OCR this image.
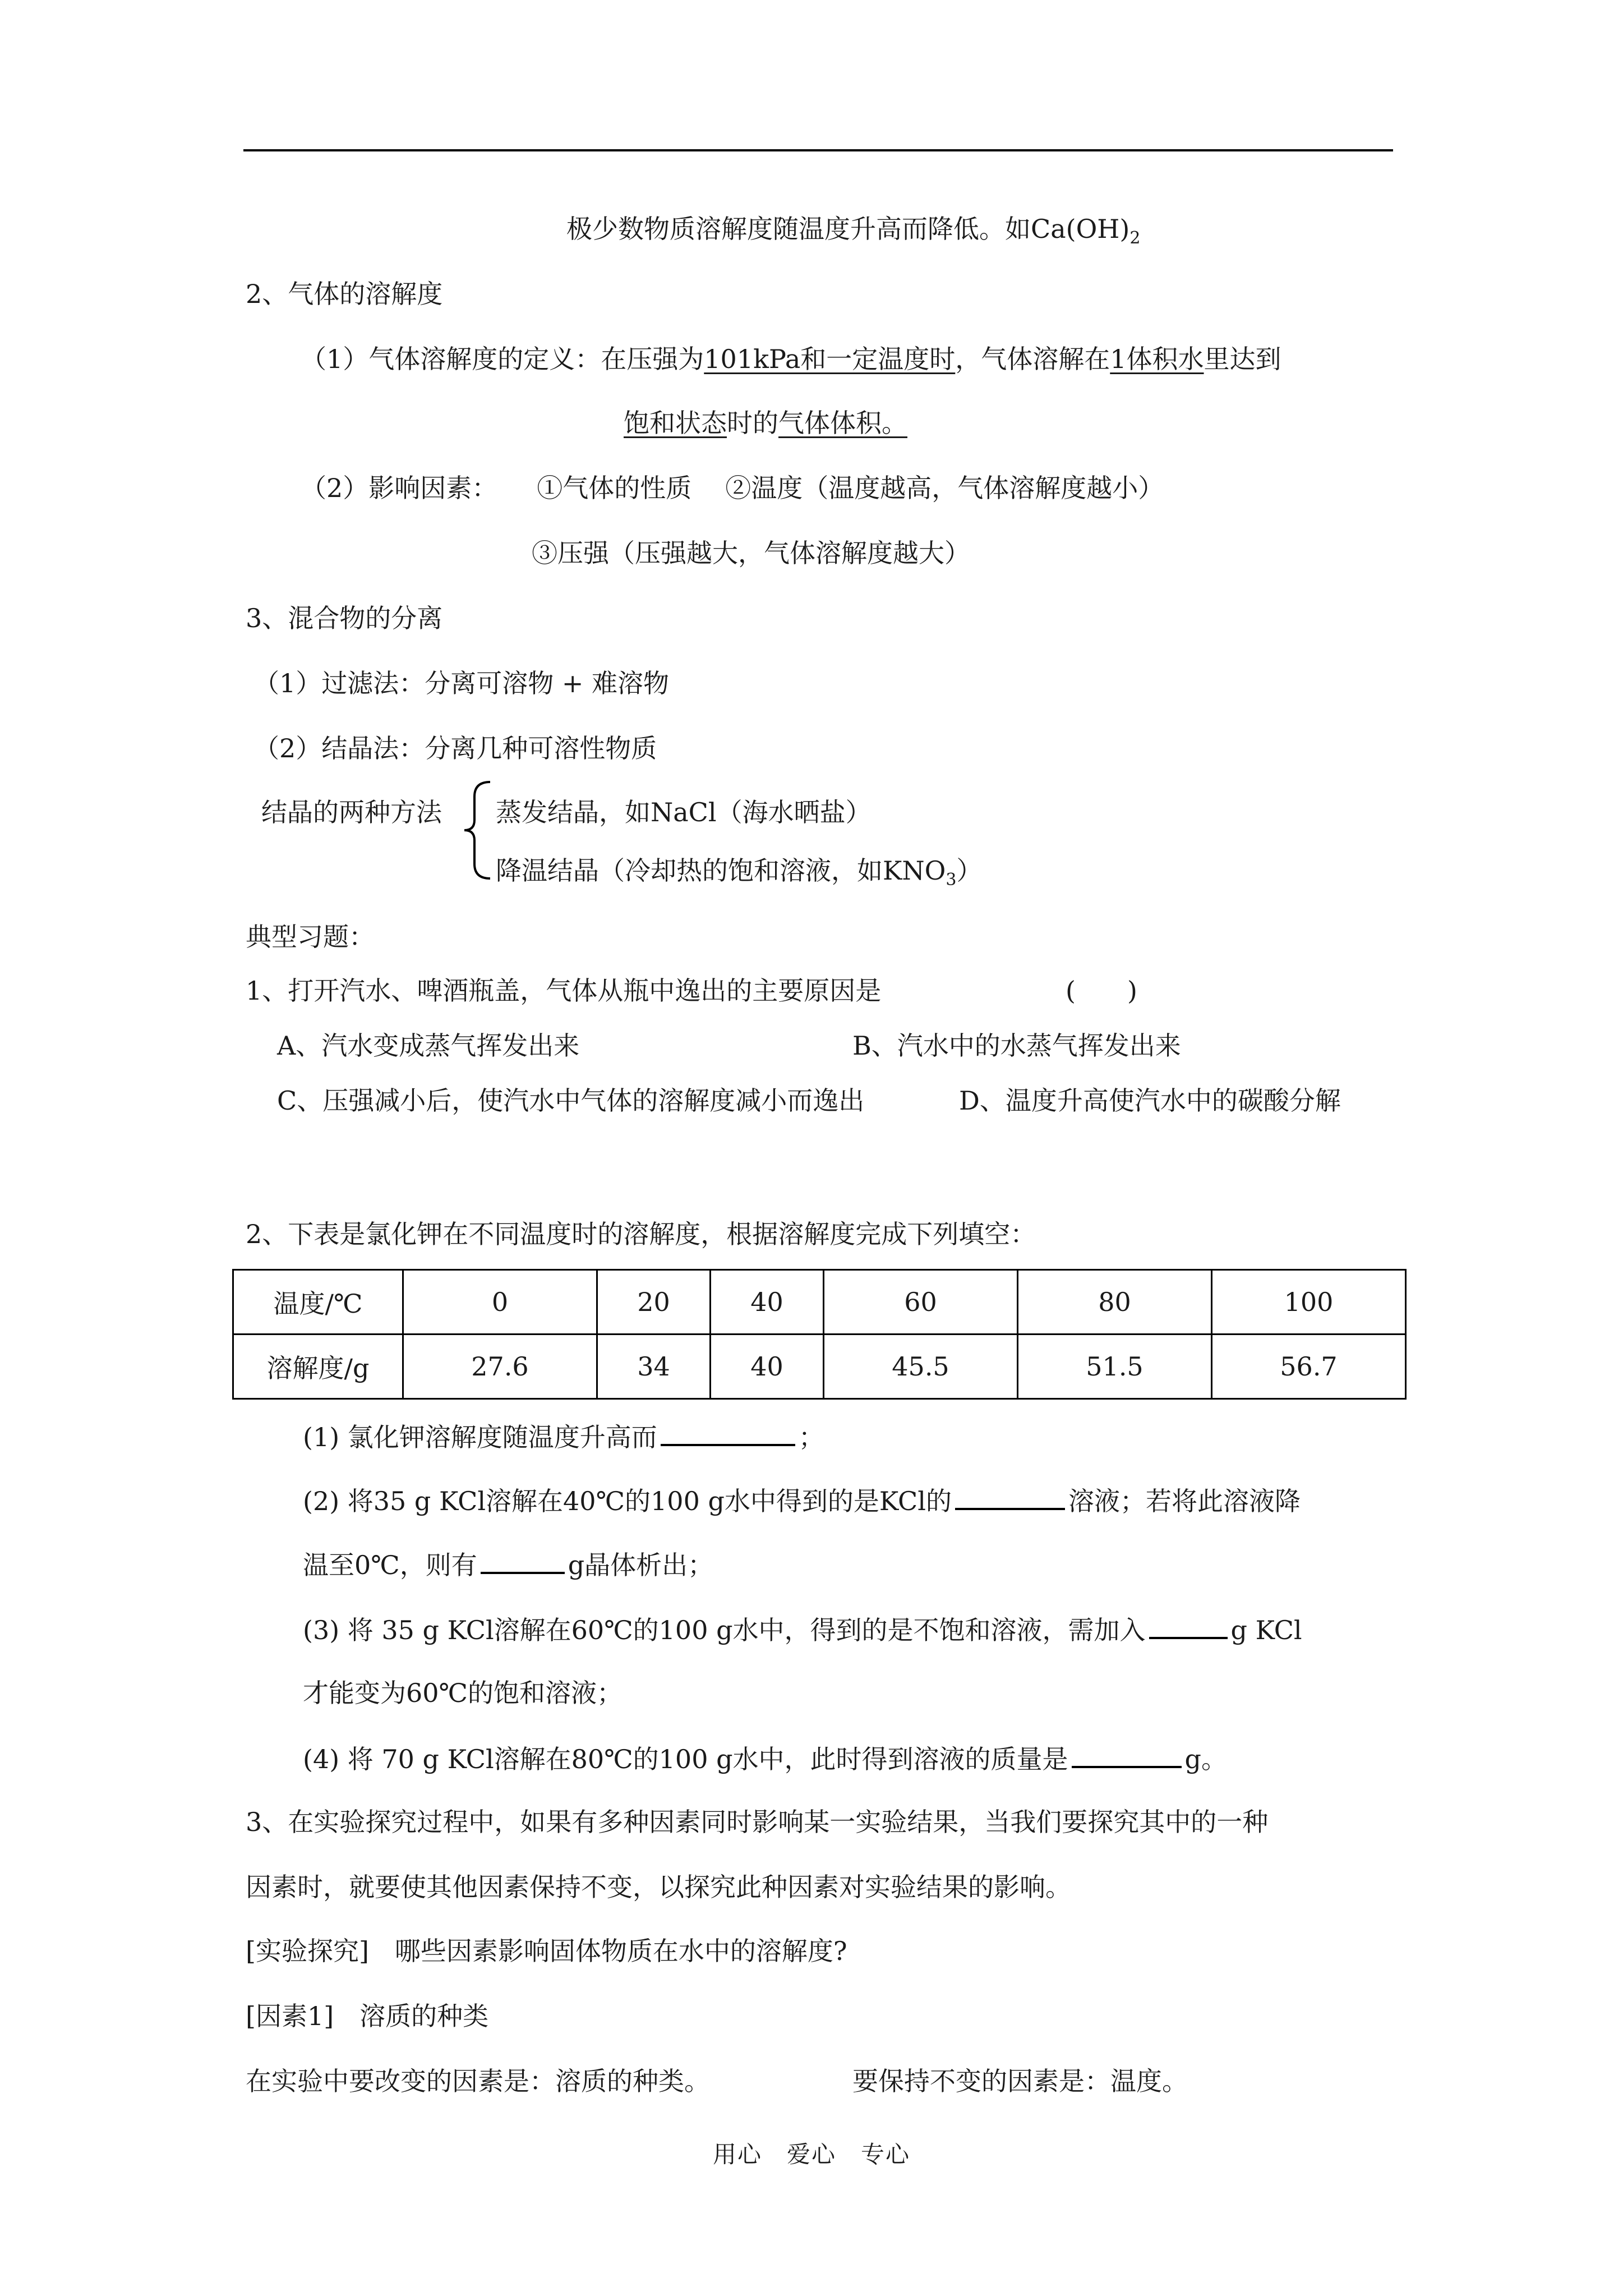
极少数物质溶解度随温度升高而降低。如$Ca(OH)_2$
2、气体的溶解度
（1）气体溶解度的定义：在压强为101kPa和一定温度时，气体溶解在1体积水里达到
饱和状态时的气体体积。
（2）影响因素： ①气体的性质 ②温度（温度越高，气体溶解度越小）
③压强（压强越大，气体溶解度越大）
3、混合物的分离
（1）过滤法：分离可溶物 + 难溶物
（2）结晶法：分离几种可溶性物质
结晶的两种方法 蒸发结晶，如NaCl（海水晒盐）
降温结晶（冷却热的饱和溶液，如$KNO_3$）
典型习题：
1、打开汽水、啤酒瓶盖，气体从瓶中逸出的主要原因是	(　　)
A、汽水变成蒸气挥发出来	B、汽水中的水蒸气挥发出来
C、压强减小后，使汽水中气体的溶解度减小而逸出	D、温度升高使汽水中的碳酸分解
2、下表是氯化钾在不同温度时的溶解度，根据溶解度完成下列填空：
温度/℃	0	20	40	60	80	100
溶解度/g	27.6	34	40	45.5	51.5	56.7
(1) 氯化钾溶解度随温度升高而	；
(2) 将35 g KCl溶解在40℃的100 g水中得到的是KCl的	溶液；若将此溶液降
温至0℃，则有	g晶体析出；
(3) 将 35 g KCl溶解在60℃的100 g水中，得到的是不饱和溶液，需加入	g KCl
才能变为60℃的饱和溶液；
(4) 将 70 g KCl溶解在80℃的100 g水中，此时得到溶液的质量是	g。
3、在实验探究过程中，如果有多种因素同时影响某一实验结果，当我们要探究其中的一种
因素时，就要使其他因素保持不变，以探究此种因素对实验结果的影响。
[实验探究]　哪些因素影响固体物质在水中的溶解度?
[因素1]　溶质的种类
在实验中要改变的因素是：溶质的种类。	要保持不变的因素是：温度。
用心　爱心　专心
